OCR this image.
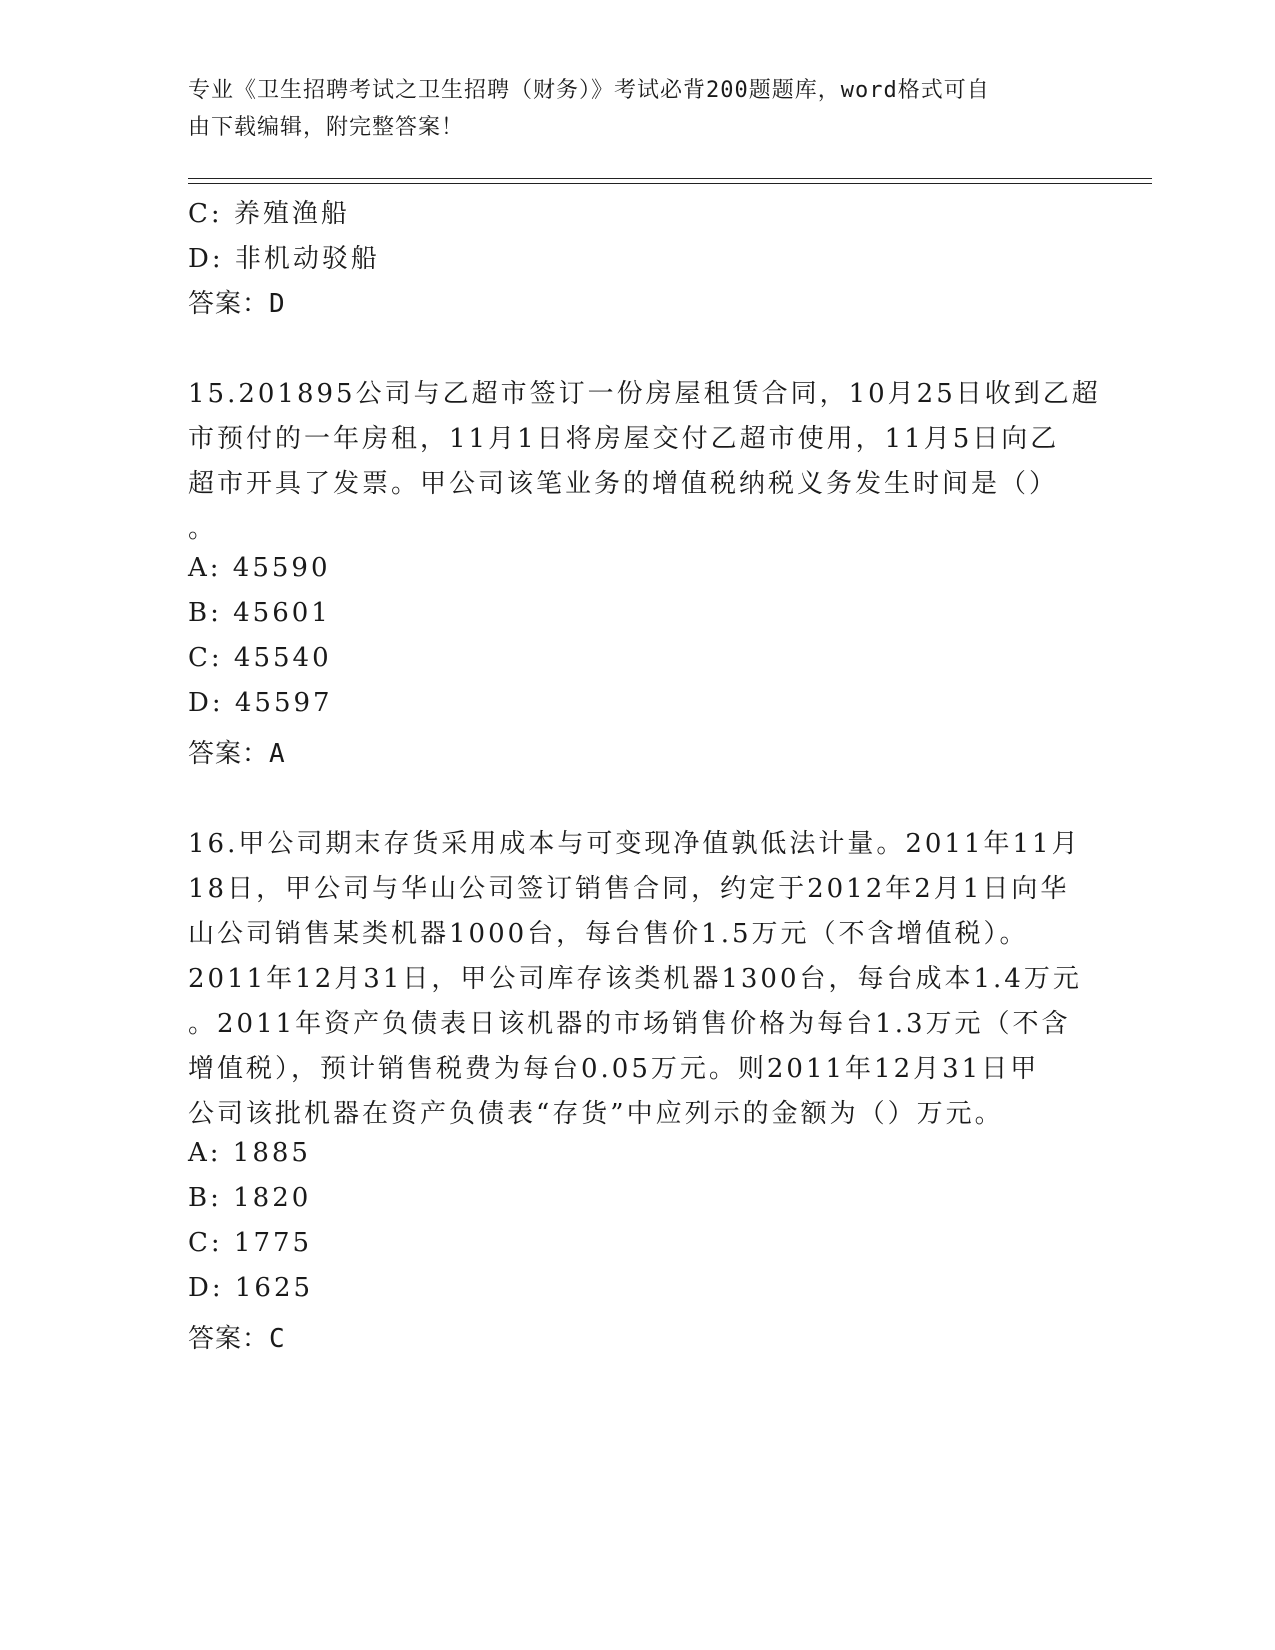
专业《卫生招聘考试之卫生招聘（财务）》考试必背200题题库，word格式可自
由下载编辑，附完整答案！
C: 养殖渔船
D: 非机动驳船
答案：D
15.201895公司与乙超市签订一份房屋租赁合同，10月25日收到乙超
市预付的一年房租，11月1日将房屋交付乙超市使用，11月5日向乙
超市开具了发票。甲公司该笔业务的增值税纳税义务发生时间是（）
。
A: 45590
B: 45601
C: 45540
D: 45597
答案：A
16.甲公司期末存货采用成本与可变现净值孰低法计量。2011年11月
18日，甲公司与华山公司签订销售合同，约定于2012年2月1日向华
山公司销售某类机器1000台，每台售价1.5万元（不含增值税）。
2011年12月31日，甲公司库存该类机器1300台，每台成本1.4万元
。2011年资产负债表日该机器的市场销售价格为每台1.3万元（不含
增值税），预计销售税费为每台0.05万元。则2011年12月31日甲
公司该批机器在资产负债表“存货”中应列示的金额为（）万元。
A: 1885
B: 1820
C: 1775
D: 1625
答案：C
